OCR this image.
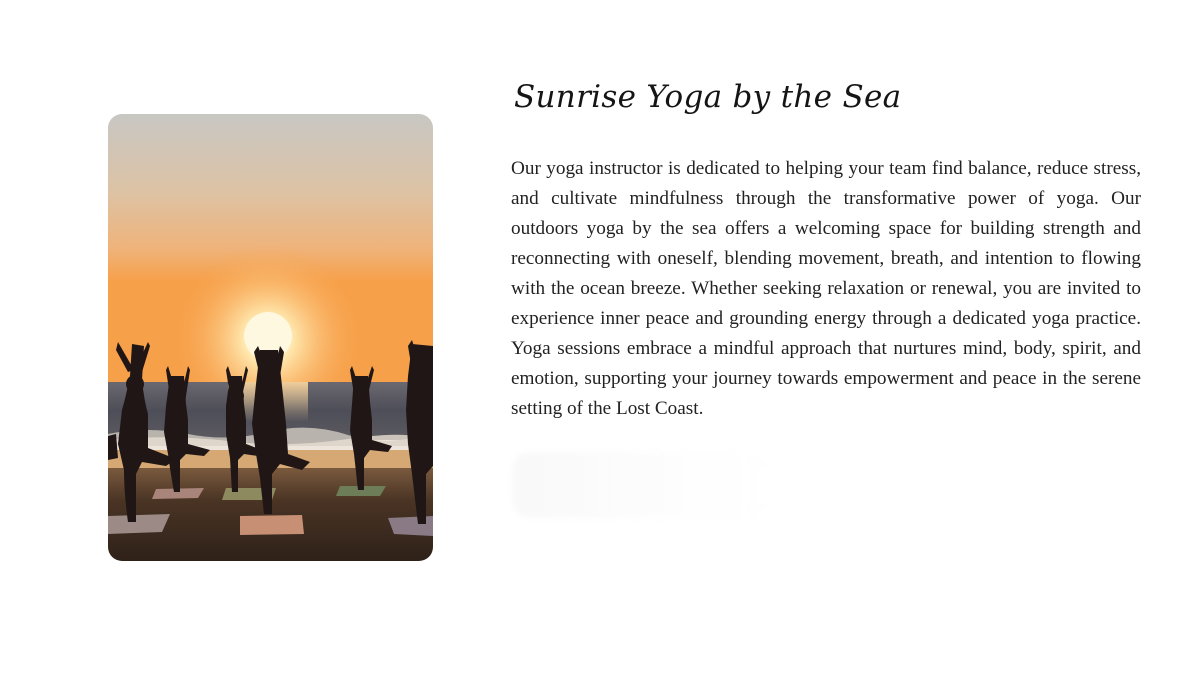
Sunrise Yoga by the Sea

Our yoga instructor is dedicated to helping your team find balance, reduce stress, and cultivate mindfulness through the transformative power of yoga. Our outdoors yoga by the sea offers a welcoming space for building strength and reconnecting with oneself, blending movement, breath, and intention to flowing with the ocean breeze. Whether seeking relaxation or renewal, you are invited to experience inner peace and grounding energy through a dedicated yoga practice. Yoga sessions embrace a mindful approach that nurtures mind, body, spirit, and emotion, supporting your journey towards empowerment and peace in the serene setting of the Lost Coast.
